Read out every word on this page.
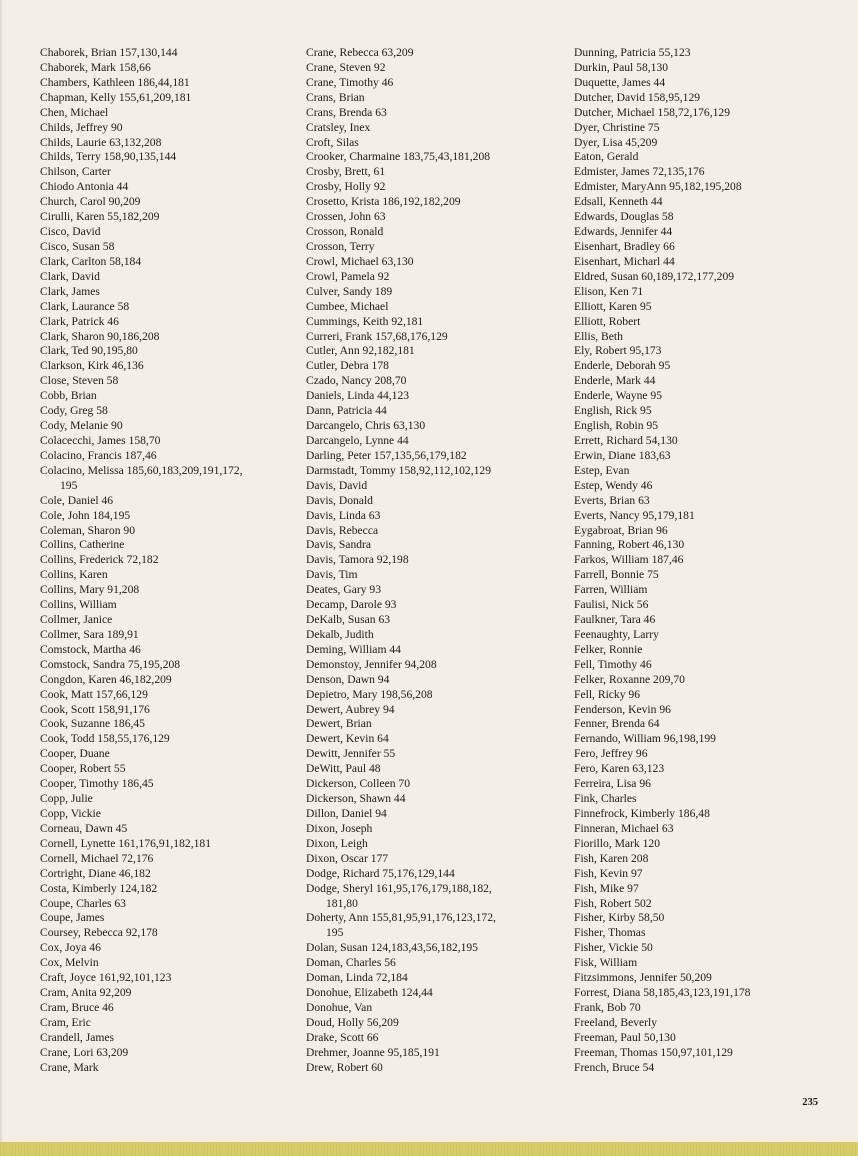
Chaborek, Brian 157,130,144
Chaborek, Mark 158,66
Chambers, Kathleen 186,44,181
Chapman, Kelly 155,61,209,181
Chen, Michael
Childs, Jeffrey 90
Childs, Laurie 63,132,208
Childs, Terry 158,90,135,144
Chilson, Carter
Chiodo Antonia 44
Church, Carol 90,209
Cirulli, Karen 55,182,209
Cisco, David
Cisco, Susan 58
Clark, Carlton 58,184
Clark, David
Clark, James
Clark, Laurance 58
Clark, Patrick 46
Clark, Sharon 90,186,208
Clark, Ted 90,195,80
Clarkson, Kirk 46,136
Close, Steven 58
Cobb, Brian
Cody, Greg 58
Cody, Melanie 90
Colacecchi, James 158,70
Colacino, Francis 187,46
Colacino, Melissa 185,60,183,209,191,172,
195
Cole, Daniel 46
Cole, John 184,195
Coleman, Sharon 90
Collins, Catherine
Collins, Frederick 72,182
Collins, Karen
Collins, Mary 91,208
Collins, William
Collmer, Janice
Collmer, Sara 189,91
Comstock, Martha 46
Comstock, Sandra 75,195,208
Congdon, Karen 46,182,209
Cook, Matt 157,66,129
Cook, Scott 158,91,176
Cook, Suzanne 186,45
Cook, Todd 158,55,176,129
Cooper, Duane
Cooper, Robert 55
Cooper, Timothy 186,45
Copp, Julie
Copp, Vickie
Corneau, Dawn 45
Cornell, Lynette 161,176,91,182,181
Cornell, Michael 72,176
Cortright, Diane 46,182
Costa, Kimberly 124,182
Coupe, Charles 63
Coupe, James
Coursey, Rebecca 92,178
Cox, Joya 46
Cox, Melvin
Craft, Joyce 161,92,101,123
Cram, Anita 92,209
Cram, Bruce 46
Cram, Eric
Crandell, James
Crane, Lori 63,209
Crane, Mark
Crane, Rebecca 63,209
Crane, Steven 92
Crane, Timothy 46
Crans, Brian
Crans, Brenda 63
Cratsley, Inex
Croft, Silas
Crooker, Charmaine 183,75,43,181,208
Crosby, Brett, 61
Crosby, Holly 92
Crosetto, Krista 186,192,182,209
Crossen, John 63
Crosson, Ronald
Crosson, Terry
Crowl, Michael 63,130
Crowl, Pamela 92
Culver, Sandy 189
Cumbee, Michael
Cummings, Keith 92,181
Curreri, Frank 157,68,176,129
Cutler, Ann 92,182,181
Cutler, Debra 178
Czado, Nancy 208,70
Daniels, Linda 44,123
Dann, Patricia 44
Darcangelo, Chris 63,130
Darcangelo, Lynne 44
Darling, Peter 157,135,56,179,182
Darmstadt, Tommy 158,92,112,102,129
Davis, David
Davis, Donald
Davis, Linda 63
Davis, Rebecca
Davis, Sandra
Davis, Tamora 92,198
Davis, Tim
Deates, Gary 93
Decamp, Darole 93
DeKalb, Susan 63
Dekalb, Judith
Deming, William 44
Demonstoy, Jennifer 94,208
Denson, Dawn 94
Depietro, Mary 198,56,208
Dewert, Aubrey 94
Dewert, Brian
Dewert, Kevin 64
Dewitt, Jennifer 55
DeWitt, Paul 48
Dickerson, Colleen 70
Dickerson, Shawn 44
Dillon, Daniel 94
Dixon, Joseph
Dixon, Leigh
Dixon, Oscar 177
Dodge, Richard 75,176,129,144
Dodge, Sheryl 161,95,176,179,188,182,
181,80
Doherty, Ann 155,81,95,91,176,123,172,
195
Dolan, Susan 124,183,43,56,182,195
Doman, Charles 56
Doman, Linda 72,184
Donohue, Elizabeth 124,44
Donohue, Van
Doud, Holly 56,209
Drake, Scott 66
Drehmer, Joanne 95,185,191
Drew, Robert 60
Dunning, Patricia 55,123
Durkin, Paul 58,130
Duquette, James 44
Dutcher, David 158,95,129
Dutcher, Michael 158,72,176,129
Dyer, Christine 75
Dyer, Lisa 45,209
Eaton, Gerald
Edmister, James 72,135,176
Edmister, MaryAnn 95,182,195,208
Edsall, Kenneth 44
Edwards, Douglas 58
Edwards, Jennifer 44
Eisenhart, Bradley 66
Eisenhart, Micharl 44
Eldred, Susan 60,189,172,177,209
Elison, Ken 71
Elliott, Karen 95
Elliott, Robert
Ellis, Beth
Ely, Robert 95,173
Enderle, Deborah 95
Enderle, Mark 44
Enderle, Wayne 95
English, Rick 95
English, Robin 95
Errett, Richard 54,130
Erwin, Diane 183,63
Estep, Evan
Estep, Wendy 46
Everts, Brian 63
Everts, Nancy 95,179,181
Eygabroat, Brian 96
Fanning, Robert 46,130
Farkos, William 187,46
Farrell, Bonnie 75
Farren, William
Faulisi, Nick 56
Faulkner, Tara 46
Feenaughty, Larry
Felker, Ronnie
Fell, Timothy 46
Felker, Roxanne 209,70
Fell, Ricky 96
Fenderson, Kevin 96
Fenner, Brenda 64
Fernando, William 96,198,199
Fero, Jeffrey 96
Fero, Karen 63,123
Ferreira, Lisa 96
Fink, Charles
Finnefrock, Kimberly 186,48
Finneran, Michael 63
Fiorillo, Mark 120
Fish, Karen 208
Fish, Kevin 97
Fish, Mike 97
Fish, Robert 502
Fisher, Kirby 58,50
Fisher, Thomas
Fisher, Vickie 50
Fisk, William
Fitzsimmons, Jennifer 50,209
Forrest, Diana 58,185,43,123,191,178
Frank, Bob 70
Freeland, Beverly
Freeman, Paul 50,130
Freeman, Thomas 150,97,101,129
French, Bruce 54
235
